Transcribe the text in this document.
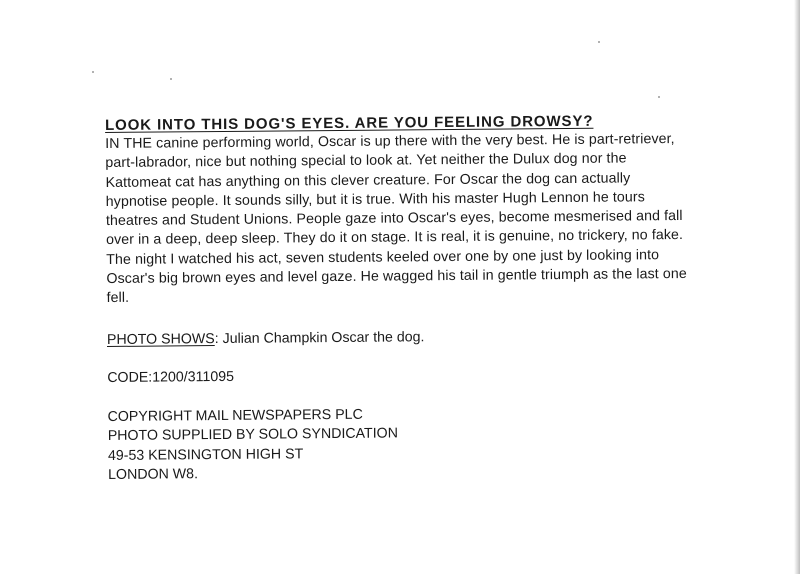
LOOK INTO THIS DOG'S EYES. ARE YOU FEELING DROWSY?

IN THE canine performing world, Oscar is up there with the very best. He is part-retriever, part-labrador, nice but nothing special to look at. Yet neither the Dulux dog nor the Kattomeat cat has anything on this clever creature. For Oscar the dog can actually hypnotise people. It sounds silly, but it is true. With his master Hugh Lennon he tours theatres and Student Unions. People gaze into Oscar's eyes, become mesmerised and fall over in a deep, deep sleep. They do it on stage. It is real, it is genuine, no trickery, no fake. The night I watched his act, seven students keeled over one by one just by looking into Oscar's big brown eyes and level gaze. He wagged his tail in gentle triumph as the last one fell.

PHOTO SHOWS: Julian Champkin Oscar the dog.

CODE:1200/311095

COPYRIGHT MAIL NEWSPAPERS PLC
PHOTO SUPPLIED BY SOLO SYNDICATION
49-53 KENSINGTON HIGH ST
LONDON W8.
